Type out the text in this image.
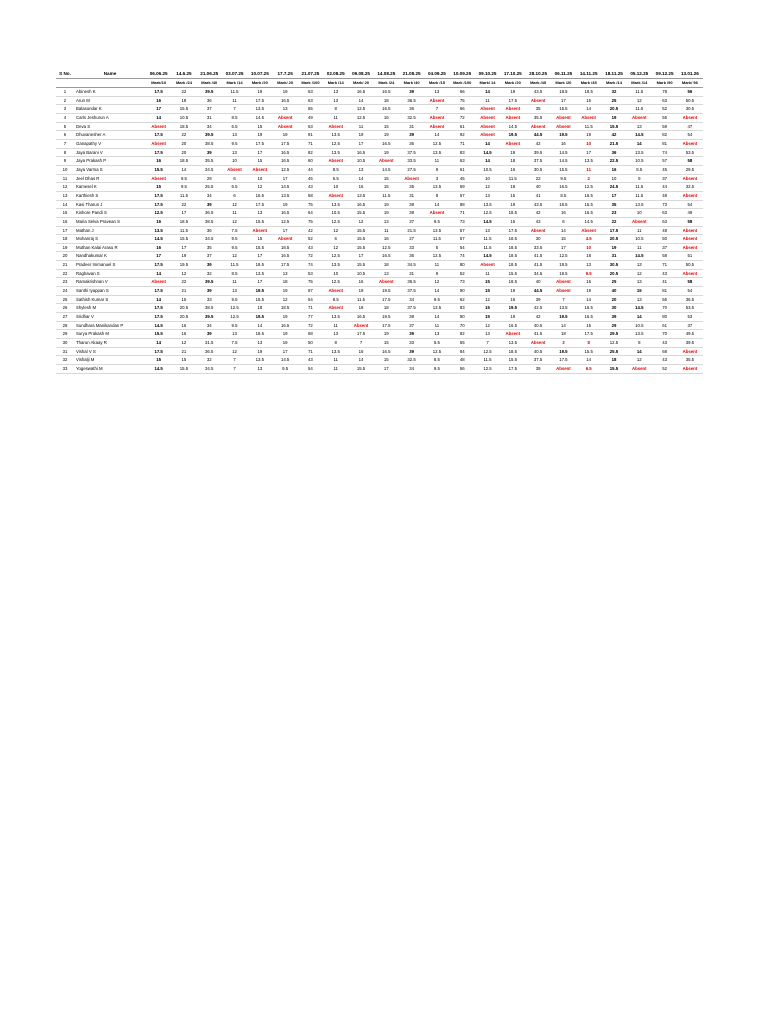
S No.	Name	06.06.25	14.6.25	21.06.25	03.07.25	10.07.25	17.7.25	21.07.25	02.08.25	09.08.25	14.08.25	21.08.25	04.09.25	10.09.25	09.10.25	17.10.25	28.10.25	06.11.25	14.11.25	18.11.25	05.12.25	09.12.25	13.01.26
		Mark/10	Mark /24	Mark /40	Mark /14	Mark /20	Mark/ 20	Mark /100	Mark /14	Mark/ 20	Mark /24	Mark /40	Mark /15	Mark /100	Mark/ 14	Mark /20	Mark /45	Mark /20	Mark /45	Mark /14	Mark /14	Mark /90	Mark/ 56
1	Abinesh K	17.5	22	39.5	11.5	19	19	63	13	16.5	16.5	39	13	66	14	19	43.5	18.5	18.5	32	11.5	78	56
2	Arun M	16	18	36	11	17.5	16.5	63	13	14	18	36.5	Absent	75	11	17.5	Absent	17	15	25	12	63	50.5
3	Balasundar K	17	15.5	37	7	13.5	13	65	8	12.5	16.5	36	7	66	Absent	Absent	35	15.5	14	20.5	11.5	52	30.5
4	Carls Jeshurun A	14	10.5	31	8.5	14.5	Absent	49	11	12.5	16	32.5	Absent	72	Absent	Absent	35.5	Absent	Absent	19	Absent	55	Absent
5	Deva S	Absent	18.5	34	6.5	15	Absent	63	Absent	11	15	31	Absent	61	Absent	14.5	Absent	Absent	11.5	15.5	13	59	47
6	Dhuvanesher A	17.5	22	39.5	13	19	19	91	13.5	19	19	39	14	92	Absent	19.5	44.5	19.5	19	42	14.5	82	54
7	Ganapathy V	Absent	20	38.5	9.5	17.5	17.5	71	12.5	17	16.5	36	12.5	71	14	Absent	42	16	10	21.5	14	81	Absent
8	Jaya Barani V	17.5	20	39	13	17	16.5	82	13.5	16.5	19	37.5	13.5	83	14.5	19	39.5	14.5	17	36	13.5	74	53.5
9	Jaya Prakash P	16	18.5	35.5	10	15	16.5	60	Absent	10.5	Absent	33.5	11	63	14	18	37.5	14.5	13.5	22.5	10.5	57	58
10	Jaya Varma S	15.5	14	34.5	Absent	Absent	12.5	44	8.5	13	14.5	27.5	9	61	10.5	16	30.5	15.5	11	16	8.5	45	29.5
11	Jeel Dhas R	Absent	9.5	29	6	10	17	45	6.5	14	15	Absent	3	45	10	11.5	22	9.5	2	10	9	37	Absent
12	Kamesel K	15	9.5	25.5	6.5	12	14.5	43	10	16	15	35	13.5	59	12	18	40	16.5	12.5	24.5	11.5	44	32.5
13	Karthiesh S	17.5	11.5	34	6	16.5	13.5	58	Absent	13.5	11.5	31	8	57	13	15	41	8.5	16.5	17	11.5	48	Absent
14	Kasi Tharun J	17.5	22	39	12	17.5	19	75	13.5	16.5	19	38	14	88	13.5	19	43.5	18.5	15.5	35	13.5	73	54
15	Kishore Pandi S	12.5	17	36.5	11	13	16.5	64	10.5	15.5	19	38	Absent	71	12.5	18.5	42	16	16.5	23	10	63	49
16	Maria Selva Pravean S	16	18.5	38.5	12	15.5	12.5	75	12.5	12	13	37	9.5	73	14.5	15	43	6	14.5	22	Absent	63	58
17	Mathan J	13.5	11.5	36	7.5	Absent	17	42	12	15.5	11	21.5	13.5	57	13	17.5	Absent	14	Absent	17.5	11	48	Absent
18	Mohanraj S	14.5	15.5	34.5	9.5	15	Absent	52	6	15.5	16	27	11.5	57	11.5	18.5	30	15	4.5	20.5	10.5	50	Absent
19	Muthan Kalai Arasu R	16	17	35	9.5	15.5	18.5	43	12	15.5	12.5	33	5	54	11.5	18.5	33.5	17	10	19	11	37	Absent
20	Nandhakumar K	17	19	37	12	17	16.5	72	12.5	17	16.5	36	12.5	74	14.5	18.5	41.5	12.5	18	31	14.5	58	51
21	Pradeer Immanuel S	17.5	19.5	39	11.5	18.5	17.5	74	13.5	15.5	18	34.5	11	80	Absent	18.5	41.5	18.5	13	30.5	13	71	50.5
22	Raghavan S	14	12	32	8.5	13.5	13	53	10	10.5	13	31	9	52	11	15.5	34.5	18.5	9.5	20.5	12	43	Absent
23	Ramakrishnan V	Absent	22	39.5	11	17	18	75	12.5	16	Absent	36.5	12	73	15	18.5	40	Absent	16	25	13	41	58
24	Santhi Iyappan S	17.5	21	39	13	19.5	19	87	Absent	19	19.5	37.5	14	90	15	19	44.5	Absent	19	40	15	81	54
25	Sathish Kumar S	14	15	33	9.5	15.5	12	54	8.5	11.5	17.5	34	9.5	62	12	16	39	7	14	20	13	55	36.5
26	Shylesh M	17.5	20.5	38.5	12.5	18	18.5	71	Absent	18	18	37.5	13.5	83	15	19.5	42.5	13.5	16.5	30	14.5	70	53.5
27	Sridhar V	17.5	20.5	39.5	12.5	19.5	19	77	13.5	16.5	19.5	38	14	90	15	19	42	19.5	16.5	39	14	80	53
28	Sundhara Manikandan P	14.5	16	34	9.5	14	16.5	72	11	Absent	17.5	37	11	70	12	16.5	40.5	14	15	29	10.5	61	37
29	Surya Prakash M	15.5	16	39	13	18.5	19	68	13	17.5	19	39	13	82	13	Absent	41.5	18	17.5	29.5	13.5	70	49.5
30	Tharun Akaay R	14	12	31.5	7.5	13	19	50	8	7	15	33	5.5	55	7	13.5	Absent	3	8	12.5	8	43	39.5
31	Vishal V S	17.5	21	36.5	12	19	17	71	13.5	16	16.5	39	12.5	84	12.5	18.5	40.5	19.5	15.5	25.5	14	68	Absent
32	Vishalji M	15	15	32	7	13.5	14.5	43	11	14	15	32.5	8.5	48	11.5	15.5	37.5	17.5	14	18	12	43	35.5
33	Yogeswathi M	14.5	15.5	34.5	7	13	9.5	54	11	15.5	17	34	9.5	56	12.5	17.5	39	Absent	6.5	15.5	Absent	52	Absent
